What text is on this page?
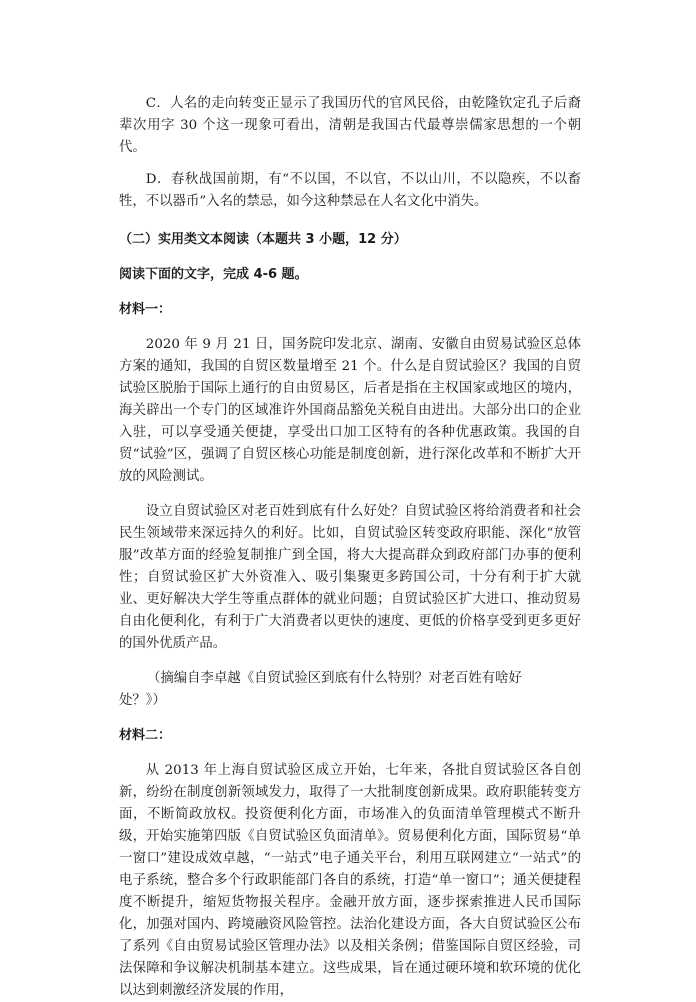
C．人名的走向转变正显示了我国历代的官风民俗，由乾隆钦定孔子后裔辈次用字 30 个这一现象可看出，清朝是我国古代最尊崇儒家思想的一个朝代。

D．春秋战国前期，有“不以国，不以官，不以山川，不以隐疾，不以畜牲，不以器币”入名的禁忌，如今这种禁忌在人名文化中消失。

（二）实用类文本阅读（本题共 3 小题，12 分）

阅读下面的文字，完成 4-6 题。

材料一：

2020 年 9 月 21 日，国务院印发北京、湖南、安徽自由贸易试验区总体方案的通知，我国的自贸区数量增至 21 个。什么是自贸试验区？我国的自贸试验区脱胎于国际上通行的自由贸易区，后者是指在主权国家或地区的境内，海关辟出一个专门的区域准许外国商品豁免关税自由进出。大部分出口的企业入驻，可以享受通关便捷，享受出口加工区特有的各种优惠政策。我国的自贸“试验”区，强调了自贸区核心功能是制度创新，进行深化改革和不断扩大开放的风险测试。

设立自贸试验区对老百姓到底有什么好处？自贸试验区将给消费者和社会民生领域带来深远持久的利好。比如，自贸试验区转变政府职能、深化“放管服”改革方面的经验复制推广到全国，将大大提高群众到政府部门办事的便利性；自贸试验区扩大外资准入、吸引集聚更多跨国公司，十分有利于扩大就业、更好解决大学生等重点群体的就业问题；自贸试验区扩大进口、推动贸易自由化便利化，有利于广大消费者以更快的速度、更低的价格享受到更多更好的国外优质产品。

（摘编自李卓越《自贸试验区到底有什么特别？对老百姓有啥好
处？》）

材料二：

从 2013 年上海自贸试验区成立开始，七年来，各批自贸试验区各自创新，纷纷在制度创新领域发力，取得了一大批制度创新成果。政府职能转变方面，不断简政放权。投资便利化方面，市场准入的负面清单管理模式不断升级，开始实施第四版《自贸试验区负面清单》。贸易便利化方面，国际贸易“单一窗口”建设成效卓越，“一站式”电子通关平台，利用互联网建立“一站式”的电子系统，整合多个行政职能部门各自的系统，打造“单一窗口”；通关便捷程度不断提升，缩短货物报关程序。金融开放方面，逐步探索推进人民币国际化，加强对国内、跨境融资风险管控。法治化建设方面，各大自贸试验区公布了系列《自由贸易试验区管理办法》以及相关条例；借鉴国际自贸区经验，司法保障和争议解决机制基本建立。这些成果，旨在通过硬环境和软环境的优化以达到刺激经济发展的作用，
